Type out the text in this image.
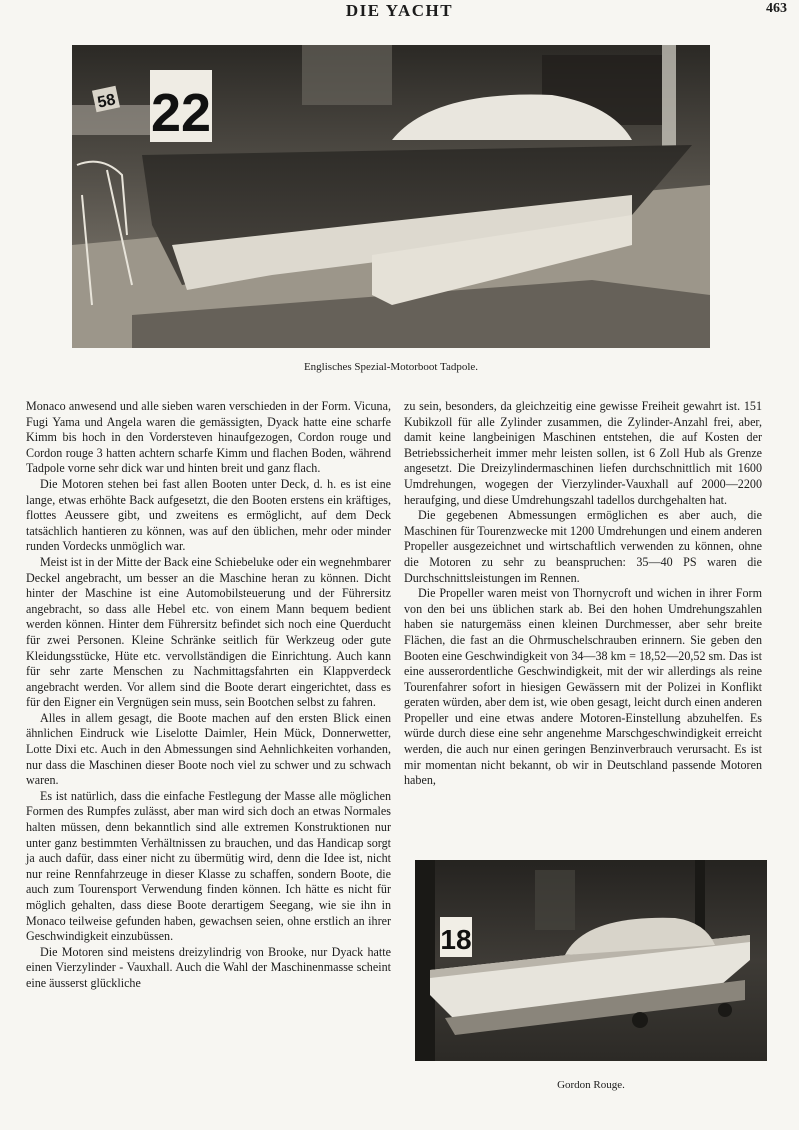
DIE YACHT	463
22
58
Englisches Spezial-Motorboot Tadpole.

Monaco anwesend und alle sieben waren verschieden in der Form. Vicuna, Fugi Yama und Angela waren die gemässigten, Dyack hatte eine scharfe Kimm bis hoch in den Vordersteven hinaufgezogen, Cordon rouge und Cordon rouge 3 hatten achtern scharfe Kimm und flachen Boden, während Tadpole vorne sehr dick war und hinten breit und ganz flach.

Die Motoren stehen bei fast allen Booten unter Deck, d. h. es ist eine lange, etwas erhöhte Back aufgesetzt, die den Booten erstens ein kräftiges, flottes Aeussere gibt, und zweitens es ermöglicht, auf dem Deck tatsächlich hantieren zu können, was auf den üblichen, mehr oder minder runden Vordecks unmöglich war.

Meist ist in der Mitte der Back eine Schiebeluke oder ein wegnehmbarer Deckel angebracht, um besser an die Maschine heran zu können. Dicht hinter der Maschine ist eine Automobilsteuerung und der Führersitz angebracht, so dass alle Hebel etc. von einem Mann bequem bedient werden können. Hinter dem Führersitz befindet sich noch eine Querducht für zwei Personen. Kleine Schränke seitlich für Werkzeug oder gute Kleidungsstücke, Hüte etc. vervollständigen die Einrichtung. Auch kann für sehr zarte Menschen zu Nachmittagsfahrten ein Klappverdeck angebracht werden. Vor allem sind die Boote derart eingerichtet, dass es für den Eigner ein Vergnügen sein muss, sein Bootchen selbst zu fahren.

Alles in allem gesagt, die Boote machen auf den ersten Blick einen ähnlichen Eindruck wie Liselotte Daimler, Hein Mück, Donnerwetter, Lotte Dixi etc. Auch in den Abmessungen sind Aehnlichkeiten vorhanden, nur dass die Maschinen dieser Boote noch viel zu schwer und zu schwach waren.

Es ist natürlich, dass die einfache Festlegung der Masse alle möglichen Formen des Rumpfes zulässt, aber man wird sich doch an etwas Normales halten müssen, denn bekanntlich sind alle extremen Konstruktionen nur unter ganz bestimmten Verhältnissen zu brauchen, und das Handicap sorgt ja auch dafür, dass einer nicht zu übermütig wird, denn die Idee ist, nicht nur reine Rennfahrzeuge in dieser Klasse zu schaffen, sondern Boote, die auch zum Tourensport Verwendung finden können. Ich hätte es nicht für möglich gehalten, dass diese Boote derartigem Seegang, wie sie ihn in Monaco teilweise gefunden haben, gewachsen seien, ohne erstlich an ihrer Geschwindigkeit einzubüssen.

Die Motoren sind meistens dreizylindrig von Brooke, nur Dyack hatte einen Vierzylinder - Vauxhall. Auch die Wahl der Maschinenmasse scheint eine äusserst glückliche

zu sein, besonders, da gleichzeitig eine gewisse Freiheit gewahrt ist. 151 Kubikzoll für alle Zylinder zusammen, die Zylinder-Anzahl frei, aber, damit keine langbeinigen Maschinen entstehen, die auf Kosten der Betriebssicherheit immer mehr leisten sollen, ist 6 Zoll Hub als Grenze angesetzt. Die Dreizylindermaschinen liefen durchschnittlich mit 1600 Umdrehungen, wogegen der Vierzylinder-Vauxhall auf 2000—2200 heraufging, und diese Umdrehungszahl tadellos durchgehalten hat.

Die gegebenen Abmessungen ermöglichen es aber auch, die Maschinen für Tourenzwecke mit 1200 Umdrehungen und einem anderen Propeller ausgezeichnet und wirtschaftlich verwenden zu können, ohne die Motoren zu sehr zu beanspruchen: 35—40 PS waren die Durchschnittsleistungen im Rennen.

Die Propeller waren meist von Thornycroft und wichen in ihrer Form von den bei uns üblichen stark ab. Bei den hohen Umdrehungszahlen haben sie naturgemäss einen kleinen Durchmesser, aber sehr breite Flächen, die fast an die Ohrmuschelschrauben erinnern. Sie geben den Booten eine Geschwindigkeit von 34—38 km = 18,52—20,52 sm. Das ist eine ausserordentliche Geschwindigkeit, mit der wir allerdings als reine Tourenfahrer sofort in hiesigen Gewässern mit der Polizei in Konflikt geraten würden, aber dem ist, wie oben gesagt, leicht durch einen anderen Propeller und eine etwas andere Motoren-Einstellung abzuhelfen. Es würde durch diese eine sehr angenehme Marschgeschwindigkeit erreicht werden, die auch nur einen geringen Benzinverbrauch verursacht. Es ist mir momentan nicht bekannt, ob wir in Deutschland passende Motoren haben,

18
Gordon Rouge.
